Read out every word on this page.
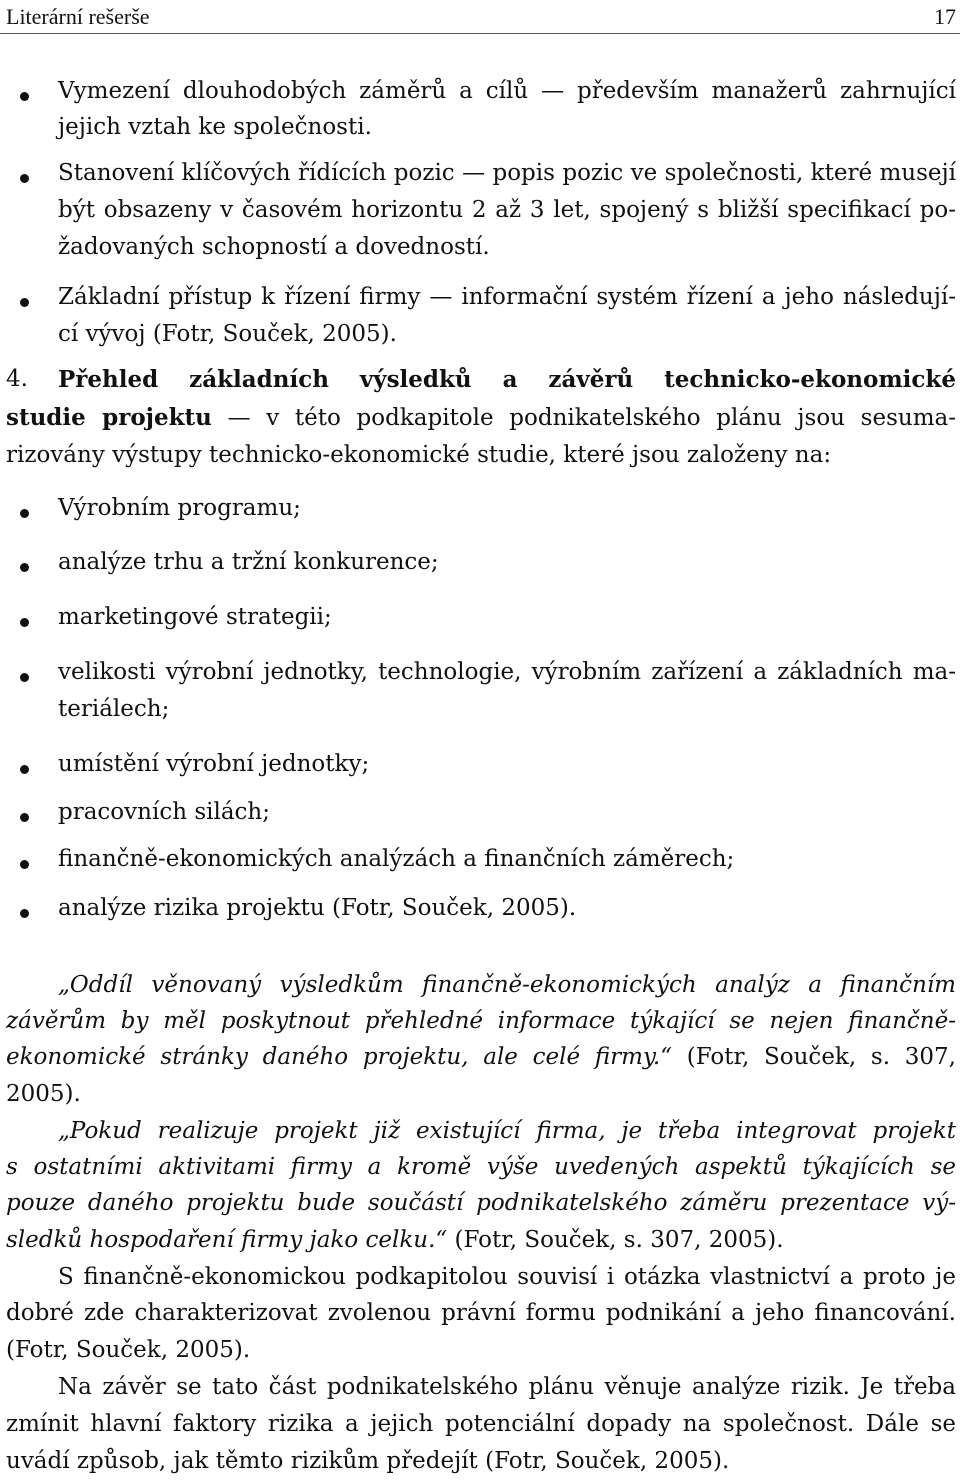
Literární rešerše	17
Vymezení dlouhodobých záměrů a cílů — především manažerů zahrnující
jejich vztah ke společnosti.
Stanovení klíčových řídících pozic — popis pozic ve společnosti, které musejí
být obsazeny v časovém horizontu 2 až 3 let, spojený s bližší specifikací po-
žadovaných schopností a dovedností.
Základní přístup k řízení firmy — informační systém řízení a jeho následují-
cí vývoj (Fotr, Souček, 2005).
4. Přehled základních výsledků a závěrů technicko-ekonomické
studie projektu — v této podkapitole podnikatelského plánu jsou sesuma-
rizovány výstupy technicko-ekonomické studie, které jsou založeny na:
Výrobním programu;
analýze trhu a tržní konkurence;
marketingové strategii;
velikosti výrobní jednotky, technologie, výrobním zařízení a základních ma-
teriálech;
umístění výrobní jednotky;
pracovních silách;
finančně-ekonomických analýzách a finančních záměrech;
analýze rizika projektu (Fotr, Souček, 2005).
„Oddíl věnovaný výsledkům finančně-ekonomických analýz a finančním
závěrům by měl poskytnout přehledné informace týkající se nejen finančně-
ekonomické stránky daného projektu, ale celé firmy.“ (Fotr, Souček, s. 307,
2005).
„Pokud realizuje projekt již existující firma, je třeba integrovat projekt
s ostatními aktivitami firmy a kromě výše uvedených aspektů týkajících se
pouze daného projektu bude součástí podnikatelského záměru prezentace vý-
sledků hospodaření firmy jako celku.“ (Fotr, Souček, s. 307, 2005).
S finančně-ekonomickou podkapitolou souvisí i otázka vlastnictví a proto je
dobré zde charakterizovat zvolenou právní formu podnikání a jeho financování.
(Fotr, Souček, 2005).
Na závěr se tato část podnikatelského plánu věnuje analýze rizik. Je třeba
zmínit hlavní faktory rizika a jejich potenciální dopady na společnost. Dále se
uvádí způsob, jak těmto rizikům předejít (Fotr, Souček, 2005).
